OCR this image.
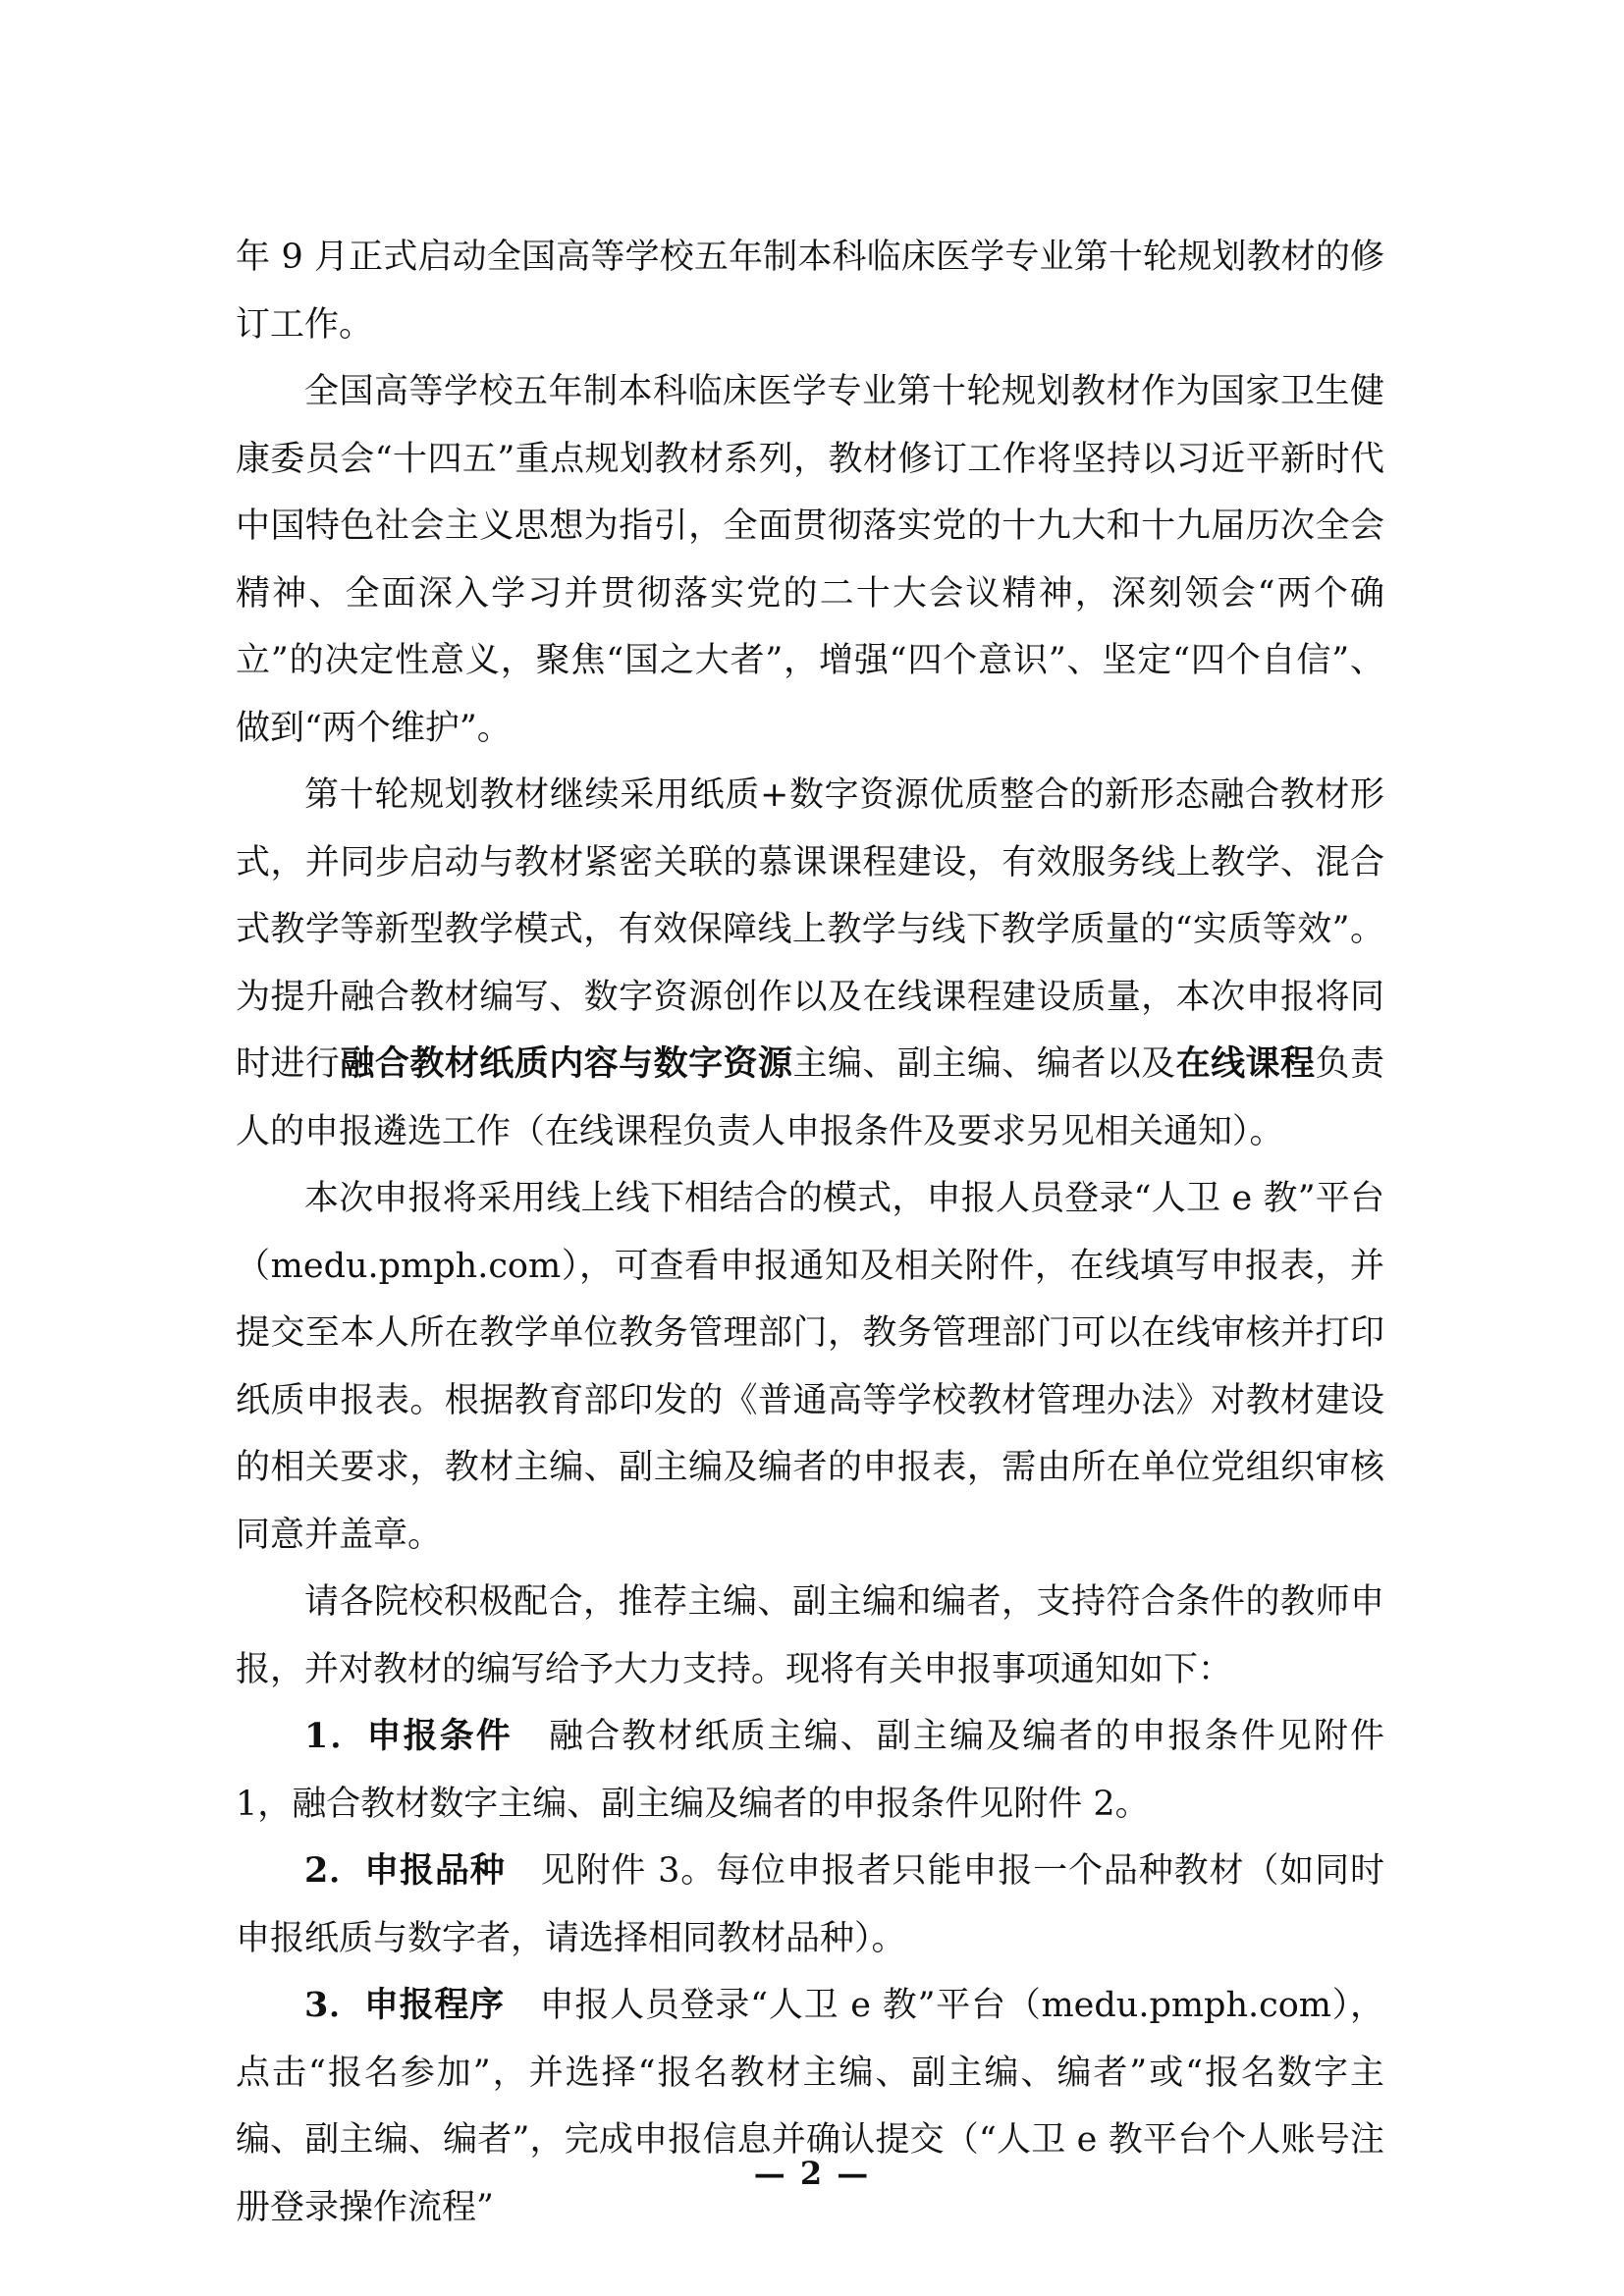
年 9 月正式启动全国高等学校五年制本科临床医学专业第十轮规划教材的修订工作。

全国高等学校五年制本科临床医学专业第十轮规划教材作为国家卫生健康委员会“十四五”重点规划教材系列，教材修订工作将坚持以习近平新时代中国特色社会主义思想为指引，全面贯彻落实党的十九大和十九届历次全会精神、全面深入学习并贯彻落实党的二十大会议精神，深刻领会“两个确立”的决定性意义，聚焦“国之大者”，增强“四个意识”、坚定“四个自信”、做到“两个维护”。

第十轮规划教材继续采用纸质+数字资源优质整合的新形态融合教材形式，并同步启动与教材紧密关联的慕课课程建设，有效服务线上教学、混合式教学等新型教学模式，有效保障线上教学与线下教学质量的“实质等效”。为提升融合教材编写、数字资源创作以及在线课程建设质量，本次申报将同时进行融合教材纸质内容与数字资源主编、副主编、编者以及在线课程负责人的申报遴选工作（在线课程负责人申报条件及要求另见相关通知）。

本次申报将采用线上线下相结合的模式，申报人员登录“人卫 e 教”平台（medu.pmph.com），可查看申报通知及相关附件，在线填写申报表，并提交至本人所在教学单位教务管理部门，教务管理部门可以在线审核并打印纸质申报表。根据教育部印发的《普通高等学校教材管理办法》对教材建设的相关要求，教材主编、副主编及编者的申报表，需由所在单位党组织审核同意并盖章。

请各院校积极配合，推荐主编、副主编和编者，支持符合条件的教师申报，并对教材的编写给予大力支持。现将有关申报事项通知如下：

1．申报条件　融合教材纸质主编、副主编及编者的申报条件见附件 1，融合教材数字主编、副主编及编者的申报条件见附件 2。

2．申报品种　见附件 3。每位申报者只能申报一个品种教材（如同时申报纸质与数字者，请选择相同教材品种）。

3．申报程序　申报人员登录“人卫 e 教”平台（medu.pmph.com），点击“报名参加”，并选择“报名教材主编、副主编、编者”或“报名数字主编、副主编、编者”，完成申报信息并确认提交（“人卫 e 教平台个人账号注册登录操作流程”

— 2 —
